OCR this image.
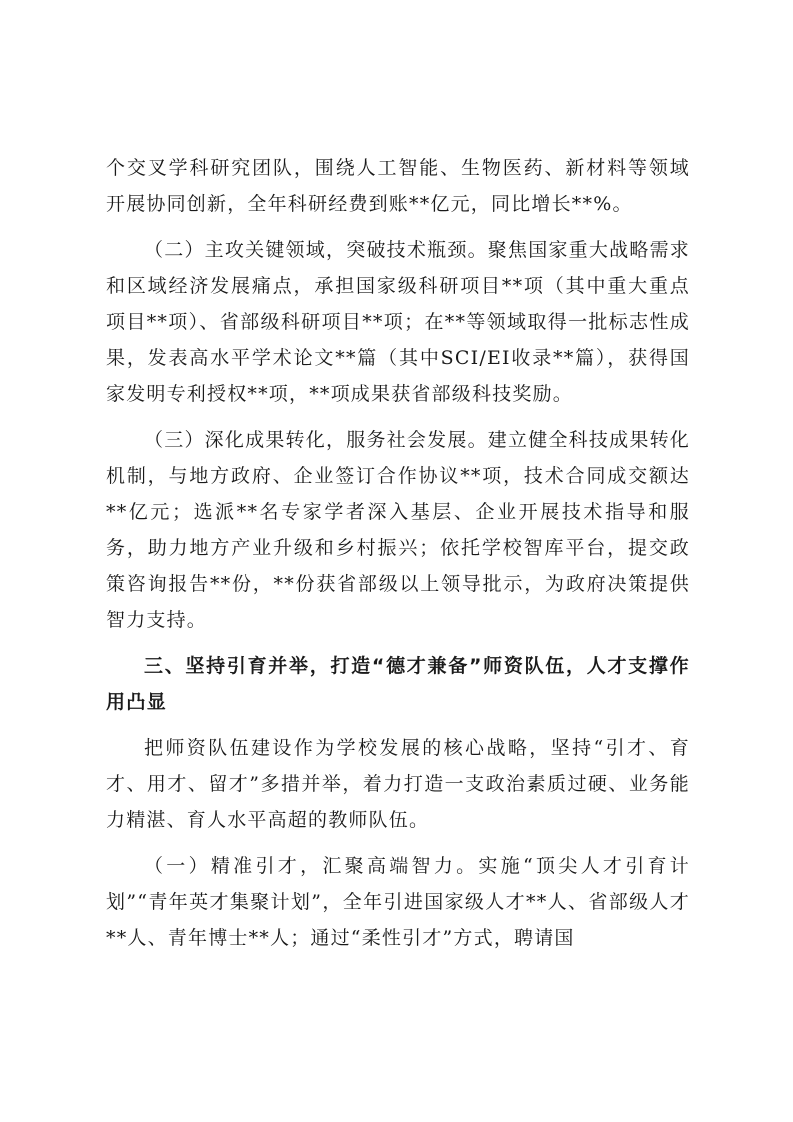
个交叉学科研究团队，围绕人工智能、生物医药、新材料等领域开展协同创新，全年科研经费到账**亿元，同比增长**%。

（二）主攻关键领域，突破技术瓶颈。聚焦国家重大战略需求和区域经济发展痛点，承担国家级科研项目**项（其中重大重点项目**项）、省部级科研项目**项；在**等领域取得一批标志性成果，发表高水平学术论文**篇（其中SCI/EI收录**篇），获得国家发明专利授权**项，**项成果获省部级科技奖励。

（三）深化成果转化，服务社会发展。建立健全科技成果转化机制，与地方政府、企业签订合作协议**项，技术合同成交额达**亿元；选派**名专家学者深入基层、企业开展技术指导和服务，助力地方产业升级和乡村振兴；依托学校智库平台，提交政策咨询报告**份，**份获省部级以上领导批示，为政府决策提供智力支持。

三、坚持引育并举，打造“德才兼备”师资队伍，人才支撑作用凸显

把师资队伍建设作为学校发展的核心战略，坚持“引才、育才、用才、留才”多措并举，着力打造一支政治素质过硬、业务能力精湛、育人水平高超的教师队伍。

（一）精准引才，汇聚高端智力。实施“顶尖人才引育计划”“青年英才集聚计划”，全年引进国家级人才**人、省部级人才**人、青年博士**人；通过“柔性引才”方式，聘请国
